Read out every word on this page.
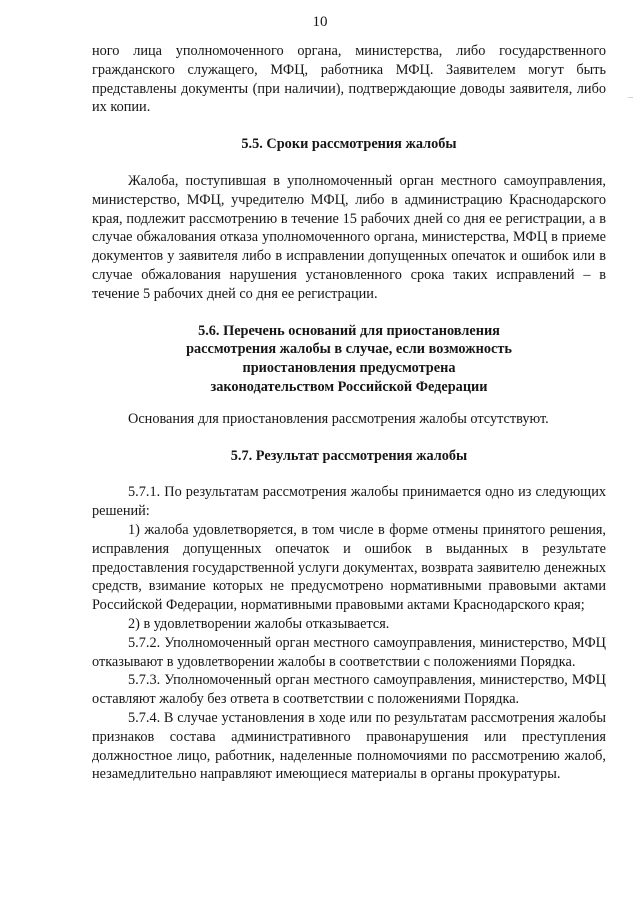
10
–

ного лица уполномоченного органа, министерства, либо государственного гражданского служащего, МФЦ, работника МФЦ. Заявителем могут быть представлены документы (при наличии), подтверждающие доводы заявителя, либо их копии.

5.5. Сроки рассмотрения жалобы

Жалоба, поступившая в уполномоченный орган местного самоуправления, министерство, МФЦ, учредителю МФЦ, либо в администрацию Краснодарского края, подлежит рассмотрению в течение 15 рабочих дней со дня ее регистрации, а в случае обжалования отказа уполномоченного органа, министерства, МФЦ в приеме документов у заявителя либо в исправлении допущенных опечаток и ошибок или в случае обжалования нарушения установленного срока таких исправлений – в течение 5 рабочих дней со дня ее регистрации.

5.6. Перечень оснований для приостановления

рассмотрения жалобы в случае, если возможность

приостановления предусмотрена

законодательством Российской Федерации

Основания для приостановления рассмотрения жалобы отсутствуют.

5.7. Результат рассмотрения жалобы

5.7.1. По результатам рассмотрения жалобы принимается одно из следующих решений:

1) жалоба удовлетворяется, в том числе в форме отмены принятого решения, исправления допущенных опечаток и ошибок в выданных в результате предоставления государственной услуги документах, возврата заявителю денежных средств, взимание которых не предусмотрено нормативными правовыми актами Российской Федерации, нормативными правовыми актами Краснодарского края;

2) в удовлетворении жалобы отказывается.

5.7.2. Уполномоченный орган местного самоуправления, министерство, МФЦ отказывают в удовлетворении жалобы в соответствии с положениями Порядка.

5.7.3. Уполномоченный орган местного самоуправления, министерство, МФЦ оставляют жалобу без ответа в соответствии с положениями Порядка.

5.7.4. В случае установления в ходе или по результатам рассмотрения жалобы признаков состава административного правонарушения или преступления должностное лицо, работник, наделенные полномочиями по рассмотрению жалоб, незамедлительно направляют имеющиеся материалы в органы прокуратуры.
